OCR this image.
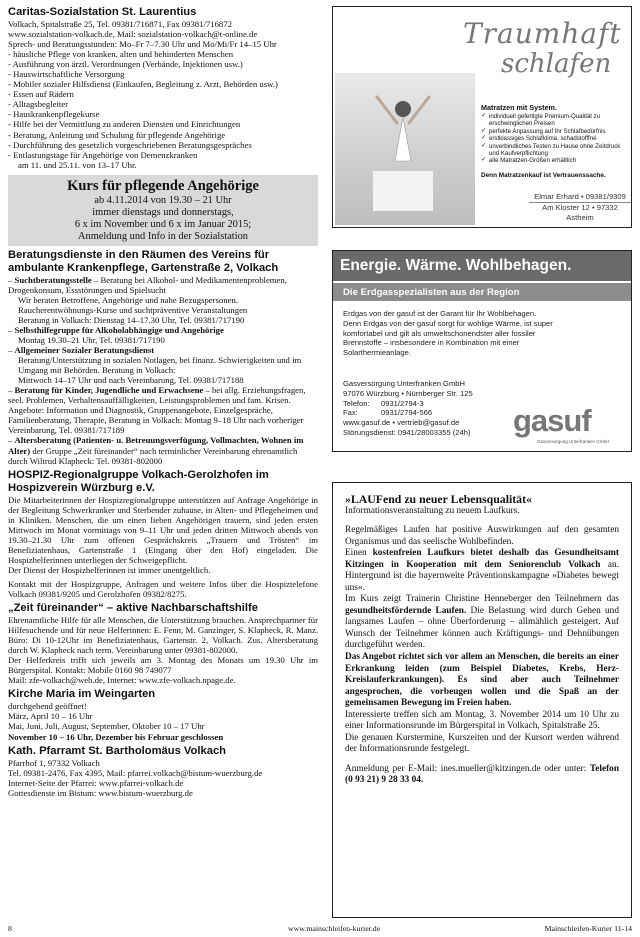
Caritas-Sozialstation St. Laurentius

Volkach, Spitalstraße 25, Tel. 09381/716871, Fax 09381/716872

www.sozialstation-volkach.de, Mail: sozialstation-volkach@t-online.de

Sprech- und Beratungsstunden: Mo–Fr 7–7.30 Uhr und Mo/Mi/Fr 14–15 Uhr

- häusliche Pflege von kranken, alten und behinderten Menschen

- Ausführung von ärztl. Verordnungen (Verbände, Injektionen usw.)

- Hauswirtschaftliche Versorgung

- Mobiler sozialer Hilfsdienst (Einkaufen, Begleitung z. Arzt, Behörden usw.)

- Essen auf Rädern

- Alltagsbegleiter

- Hauskrankenpflegekurse

- Hilfe bei der Vermittlung zu anderen Diensten und Einrichtungen

- Beratung, Anleitung und Schulung für pflegende Angehörige

- Durchführung des gesetzlich vorgeschriebenen Beratungsgespräches

- Entlastungstage für Angehörige von Demenzkranken

am 11. und 25.11. von 13–17 Uhr.

Kurs für pflegende Angehörige
ab 4.11.2014 von 19.30 – 21 Uhr
immer dienstags und donnerstags,
6 x im November und 6 x im Januar 2015;
Anmeldung und Info in der Sozialstation
Beratungsdienste in den Räumen des Vereins für ambulante Krankenpflege, Gartenstraße 2, Volkach

– Suchtberatungsstelle – Beratung bei Alkohol- und Medikamentenproblemen, Drogenkonsum, Essstörungen und Spielsucht

Wir beraten Betroffene, Angehörige und nahe Bezugspersonen.

Raucherentwöhnungs-Kurse und suchtpräventive Veranstaltungen

Beratung in Volkach: Dienstag 14–17.30 Uhr, Tel. 09381/717190

– Selbsthilfegruppe für Alkoholabhängige und Angehörige

Montag 19.30–21 Uhr, Tel. 09381/717190

– Allgemeiner Sozialer Beratungsdienst

Beratung/Unterstützung in sozialen Notlagen, bei finanz. Schwierigkeiten und im Umgang mit Behörden. Beratung in Volkach:

Mittwoch 14–17 Uhr und nach Vereinbarung, Tel. 09381/717188

– Beratung für Kinder, Jugendliche und Erwachsene – bei allg. Erziehungsfragen, seel. Problemen, Verhaltensauffälligkeiten, Leistungsproblemen und fam. Krisen. Angebote: Information und Diagnostik, Gruppenangebote, Einzelgespräche, Familienberatung, Therapie, Beratung in Volkach: Montag 9–18 Uhr nach vorheriger Vereinbarung, Tel. 09381/717189

– Altersberatung (Patienten- u. Betreuungsverfügung, Vollmachten, Wohnen im Alter) der Gruppe „Zeit füreinander“ nach terminlicher Vereinbarung ehrenamtlich durch Wiltrud Klapheck: Tel. 09381-802000

HOSPIZ-Regionalgruppe Volkach-Gerolzhofen im Hospizverein Würzburg e.V.

Die Mitarbeiterinnen der Hospizregionalgruppe unterstützen auf Anfrage Angehörige in der Begleitung Schwerkranker und Sterbender zuhause, in Alten- und Pflegeheimen und in Kliniken. Menschen, die um einen lieben Angehörigen trauern, sind jeden ersten Mittwoch im Monat vormittags von 9–11 Uhr und jeden dritten Mittwoch abends von 19.30–21.30 Uhr zum offenen Gesprächskreis „Trauern und Trösten“ im Benefiziatenhaus, Gartenstraße 1 (Eingang über den Hof) eingeladen. Die Hospizhelferinnen unterliegen der Schweigepflicht.

Der Dienst der Hospizhelferinnen ist immer unentgeltlich.

Kontakt mit der Hospizgruppe, Anfragen und weitere Infos über die Hospiztelefone Volkach 09381/9205 und Gerolzhofen 09382/8275.

„Zeit füreinander“ – aktive Nachbarschaftshilfe

Ehrenamtliche Hilfe für alle Menschen, die Unterstützung brauchen. Ansprechpartner für Hilfesuchende und für neue Helferinnen: E. Fenn, M. Ganzinger, S. Klapheck, R. Manz. Büro: Di 10-12Uhr im Benefiziatenhaus, Gartenstr. 2, Volkach. Zus. Altersberatung durch W. Klapheck nach term. Vereinbarung unter 09381-802000.

Der Helferkreis trifft sich jeweils am 3. Montag des Monats um 19.30 Uhr im Bürgerspital. Kontakt: Mobile 0160 98 749077

Mail: zfe-volkach@web.de, Internet: www.zfe-volkach.npage.de.

Kirche Maria im Weingarten

durchgehend geöffnet!

März, April 10 – 16 Uhr

Mai, Juni, Juli, August, September, Oktober 10 – 17 Uhr

November 10 – 16 Uhr, Dezember bis Februar geschlossen

Kath. Pfarramt St. Bartholomäus Volkach

Pfarrhof 1, 97332 Volkach

Tel. 09381-2476, Fax 4395, Mail: pfarrei.volkach@bistum-wuerzburg.de

Internet-Seite der Pfarrei: www.pfarrei-volkach.de

Gottesdienste im Bistum: www.bistum-wuerzburg.de

Traumhaft
schlafen
Matratzen mit System.
✓ individuell gefertigte Premium-Qualität zu erschwinglichen Preisen
✓ perfekte Anpassung auf Ihr Schlafbedürfnis
✓ erstklassiges Schlafklima, schadstofffrei
✓ unverbindliches Testen zu Hause ohne Zeitdruck und Kaufverpflichtung
✓ alle Matratzen-Größen erhältlich
Denn Matratzenkauf ist Vertrauenssache.
Elmar Erhard • 09381/9309
Am Kloster 12 • 97332 Astheim
Energie. Wärme. Wohlbehagen.
Die Erdgasspezialisten aus der Region
Erdgas von der gasuf ist der Garant für Ihr Wohlbehagen. Denn Erdgas von der gasuf sorgt für wohlige Wärme, ist super komfortabel und gilt als umweltschonendster aller fossiler Brennstoffe – insbesondere in Kombination mit einer Solarthermieanlage.
Gasversorgung Unterfranken GmbH
97076 Würzburg • Nürnberger Str. 125
Telefon: 0931/2794-3
Fax:	0931/2794-566
www.gasuf.de • vertrieb@gasuf.de
Störungsdienst: 0941/28003355 (24h)	gasuf
Gasversorgung Unterfranken GmbH
»LAUFend zu neuer Lebensqualität«
Informationsveranstaltung zu neuem Laufkurs.

Regelmäßiges Laufen hat positive Auswirkungen auf den gesamten Organismus und das seelische Wohlbefinden.

Einen kostenfreien Laufkurs bietet deshalb das Gesundheitsamt Kitzingen in Kooperation mit dem Seniorenclub Volkach an. Hintergrund ist die bayernweite Präventionskampagne »Diabetes bewegt uns«.

Im Kurs zeigt Trainerin Christine Henneberger den Teilnehmern das gesundheitsfördernde Laufen. Die Belastung wird durch Gehen und langsames Laufen – ohne Überforderung – allmählich gesteigert. Auf Wunsch der Teilnehmer können auch Kräftigungs- und Dehnübungen durchgeführt werden.

Das Angebot richtet sich vor allem an Menschen, die bereits an einer Erkrankung leiden (zum Beispiel Diabetes, Krebs, Herz-Kreislauferkrankungen). Es sind aber auch Teilnehmer angesprochen, die vorbeugen wollen und die Spaß an der gemeinsamen Bewegung im Freien haben.

Interessierte treffen sich am Montag, 3. November 2014 um 10 Uhr zu einer Informationsrunde im Bürgerspital in Volkach, Spitalstraße 25.

Die genauen Kurstermine, Kurszeiten und der Kursort werden während der Informationsrunde festgelegt.

Anmeldung per E-Mail: ines.mueller@kitzingen.de oder unter: Telefon (0 93 21) 9 28 33 04.

8	www.mainschleifen-kurier.de	Mainschleifen-Kurier 11-14
